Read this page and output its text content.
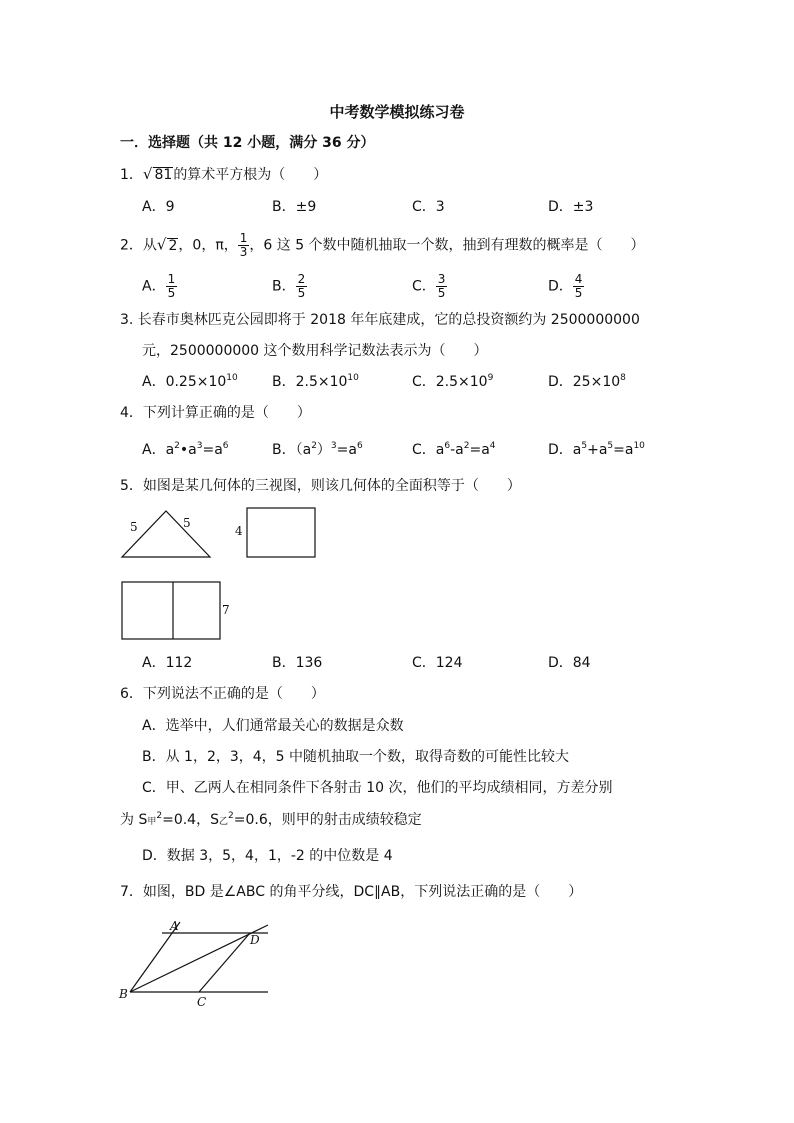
中考数学模拟练习卷
一．选择题（共 12 小题，满分 36 分）
1．√ 81的算术平方根为（　　）
A．9	B．±9	C．3	D．±3
2．从√ 2，0，π， $\frac{1}{3}$ ，6 这 5 个数中随机抽取一个数，抽到有理数的概率是（　　）
A． $\frac{1}{5}$	B． $\frac{2}{5}$	C． $\frac{3}{5}$	D． $\frac{4}{5}$
3. 长春市奥林匹克公园即将于 2018 年年底建成，它的总投资额约为 2500000000
元，2500000000 这个数用科学记数法表示为（　　）
A．$0.25\times 10^{10}$ B．$2.5\times 10^{10}$	C．$2.5\times 10^9$	D．$25\times 10^8$
4．下列计算正确的是（　　）
A．$a^2•a^3=a^6$	B．$(a^2)^3=a^6$	C．$a^6-a^2=a^4$	D．$a^5+a^5=a^{10}$
5．如图是某几何体的三视图，则该几何体的全面积等于（　　）
5	5
4
7
A．112	B．136	C．124	D．84
6．下列说法不正确的是（　　）
A．选举中，人们通常最关心的数据是众数
B．从 1，2，3，4，5 中随机抽取一个数，取得奇数的可能性比较大
C．甲、乙两人在相同条件下各射击 10 次，他们的平均成绩相同，方差分别
为 S甲$^2$=0.4，S乙$^2$=0.6，则甲的射击成绩较稳定
D．数据 3，5，4，1，-2 的中位数是 4
7．如图，BD 是∠ABC 的角平分线，DC∥AB，下列说法正确的是（　　）
A
B
C
D
